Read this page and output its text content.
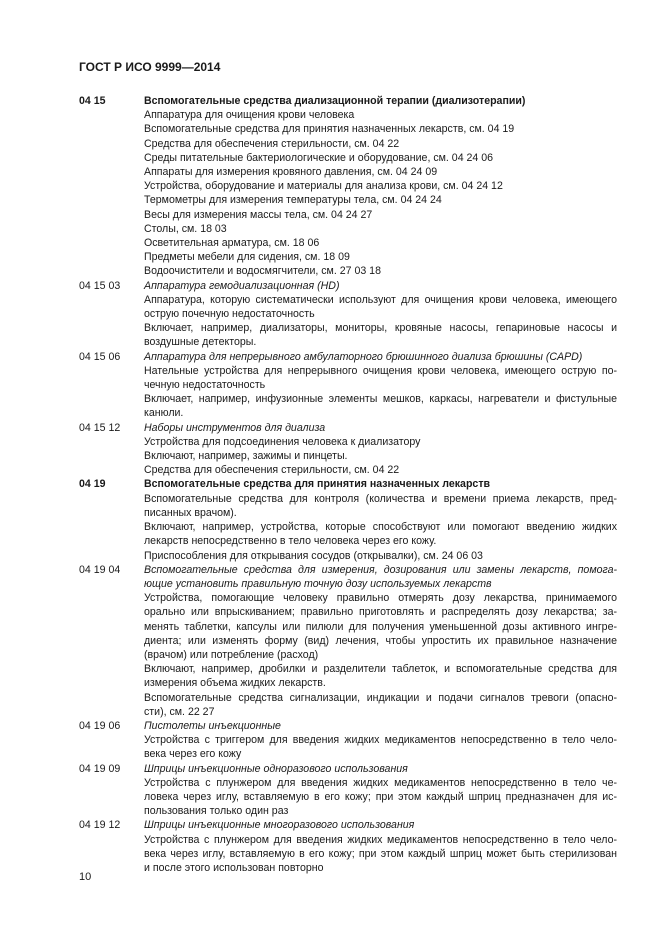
ГОСТ Р ИСО 9999—2014
04 15	Вспомогательные средства диализационной терапии (диализотерапии)
Аппаратура для очищения крови человека
Вспомогательные средства для принятия назначенных лекарств, см. 04 19
Средства для обеспечения стерильности, см. 04 22
Среды питательные бактериологические и оборудование, см. 04 24 06
Аппараты для измерения кровяного давления, см. 04 24 09
Устройства, оборудование и материалы для анализа крови, см. 04 24 12
Термометры для измерения температуры тела, см. 04 24 24
Весы для измерения массы тела, см. 04 24 27
Столы, см. 18 03
Осветительная арматура, см. 18 06
Предметы мебели для сидения, см. 18 09
Водоочистители и водосмягчители, см. 27 03 18
04 15 03	Аппаратура гемодиализационная (HD)
Аппаратура, которую систематически используют для очищения крови человека, имеющего
острую почечную недостаточность
Включает, например, диализаторы, мониторы, кровяные насосы, гепариновые насосы и
воздушные детекторы.
04 15 06	Аппаратура для непрерывного амбулаторного брюшинного диализа брюшины (CAPD)
Нательные устройства для непрерывного очищения крови человека, имеющего острую по-
чечную недостаточность
Включает, например, инфузионные элементы мешков, каркасы, нагреватели и фистульные
канюли.
04 15 12	Наборы инструментов для диализа
Устройства для подсоединения человека к диализатору
Включают, например, зажимы и пинцеты.
Средства для обеспечения стерильности, см. 04 22
04 19	Вспомогательные средства для принятия назначенных лекарств
Вспомогательные средства для контроля (количества и времени приема лекарств, пред-
писанных врачом).
Включают, например, устройства, которые способствуют или помогают введению жидких
лекарств непосредственно в тело человека через его кожу.
Приспособления для открывания сосудов (открывалки), см. 24 06 03
04 19 04	Вспомогательные средства для измерения, дозирования или замены лекарств, помога-
ющие установить правильную точную дозу используемых лекарств
Устройства, помогающие человеку правильно отмерять дозу лекарства, принимаемого
орально или впрыскиванием; правильно приготовлять и распределять дозу лекарства; за-
менять таблетки, капсулы или пилюли для получения уменьшенной дозы активного ингре-
диента; или изменять форму (вид) лечения, чтобы упростить их правильное назначение
(врачом) или потребление (расход)
Включают, например, дробилки и разделители таблеток, и вспомогательные средства для
измерения объема жидких лекарств.
Вспомогательные средства сигнализации, индикации и подачи сигналов тревоги (опасно-
сти), см. 22 27
04 19 06	Пистолеты инъекционные
Устройства с триггером для введения жидких медикаментов непосредственно в тело чело-
века через его кожу
04 19 09	Шприцы инъекционные одноразового использования
Устройства с плунжером для введения жидких медикаментов непосредственно в тело че-
ловека через иглу, вставляемую в его кожу; при этом каждый шприц предназначен для ис-
пользования только один раз
04 19 12	Шприцы инъекционные многоразового использования
Устройства с плунжером для введения жидких медикаментов непосредственно в тело чело-
века через иглу, вставляемую в его кожу; при этом каждый шприц может быть стерилизован
и после этого использован повторно
10
